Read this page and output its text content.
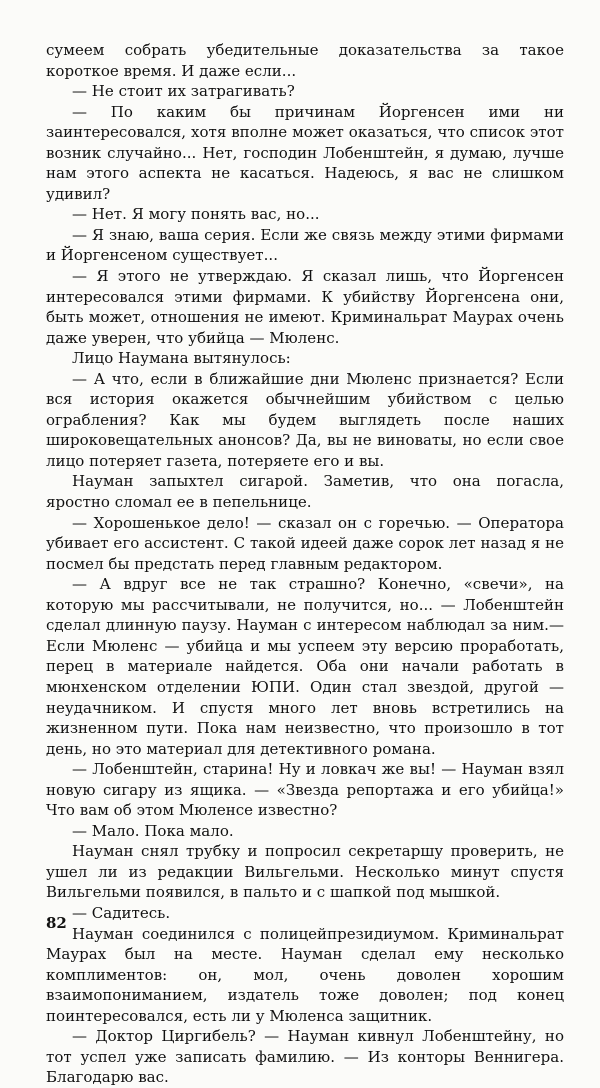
сумеем собрать убедительные доказательства за такое короткое время. И даже если...

— Не стоит их затрагивать?

— По каким бы причинам Йоргенсен ими ни заинтересовался, хотя вполне может оказаться, что список этот возник случайно... Нет, господин Лобенштейн, я думаю, лучше нам этого аспекта не касаться. Надеюсь, я вас не слишком удивил?

— Нет. Я могу понять вас, но...

— Я знаю, ваша серия. Если же связь между этими фирмами и Йоргенсеном существует...

— Я этого не утверждаю. Я сказал лишь, что Йоргенсен интересовался этими фирмами. К убийству Йоргенсена они, быть может, отношения не имеют. Криминальрат Маурах очень даже уверен, что убийца — Мюленс.

Лицо Наумана вытянулось:

— А что, если в ближайшие дни Мюленс признается? Если вся история окажется обычнейшим убийством с целью ограбления? Как мы будем выглядеть после наших широковещательных анонсов? Да, вы не виноваты, но если свое лицо потеряет газета, потеряете его и вы.

Науман запыхтел сигарой. Заметив, что она погасла, яростно сломал ее в пепельнице.

— Хорошенькое дело! — сказал он с горечью. — Оператора убивает его ассистент. С такой идеей даже сорок лет назад я не посмел бы предстать перед главным редактором.

— А вдруг все не так страшно? Конечно, «свечи», на которую мы рассчитывали, не получится, но... — Лобенштейн сделал длинную паузу. Науман с интересом наблюдал за ним.— Если Мюленс — убийца и мы успеем эту версию проработать, перец в материале найдется. Оба они начали работать в мюнхенском отделении ЮПИ. Один стал звездой, другой — неудачником. И спустя много лет вновь встретились на жизненном пути. Пока нам неизвестно, что произошло в тот день, но это материал для детективного романа.

— Лобенштейн, старина! Ну и ловкач же вы! — Науман взял новую сигару из ящика. — «Звезда репортажа и его убийца!» Что вам об этом Мюленсе известно?

— Мало. Пока мало.

Науман снял трубку и попросил секретаршу проверить, не ушел ли из редакции Вильгельми. Несколько минут спустя Вильгельми появился, в пальто и с шапкой под мышкой.

— Садитесь.

Науман соединился с полицейпрезидиумом. Криминальрат Маурах был на месте. Науман сделал ему несколько комплиментов: он, мол, очень доволен хорошим взаимопониманием, издатель тоже доволен; под конец поинтересовался, есть ли у Мюленса защитник.

— Доктор Циргибель? — Науман кивнул Лобенштейну, но тот успел уже записать фамилию. — Из конторы Веннигера. Благодарю вас.

82
